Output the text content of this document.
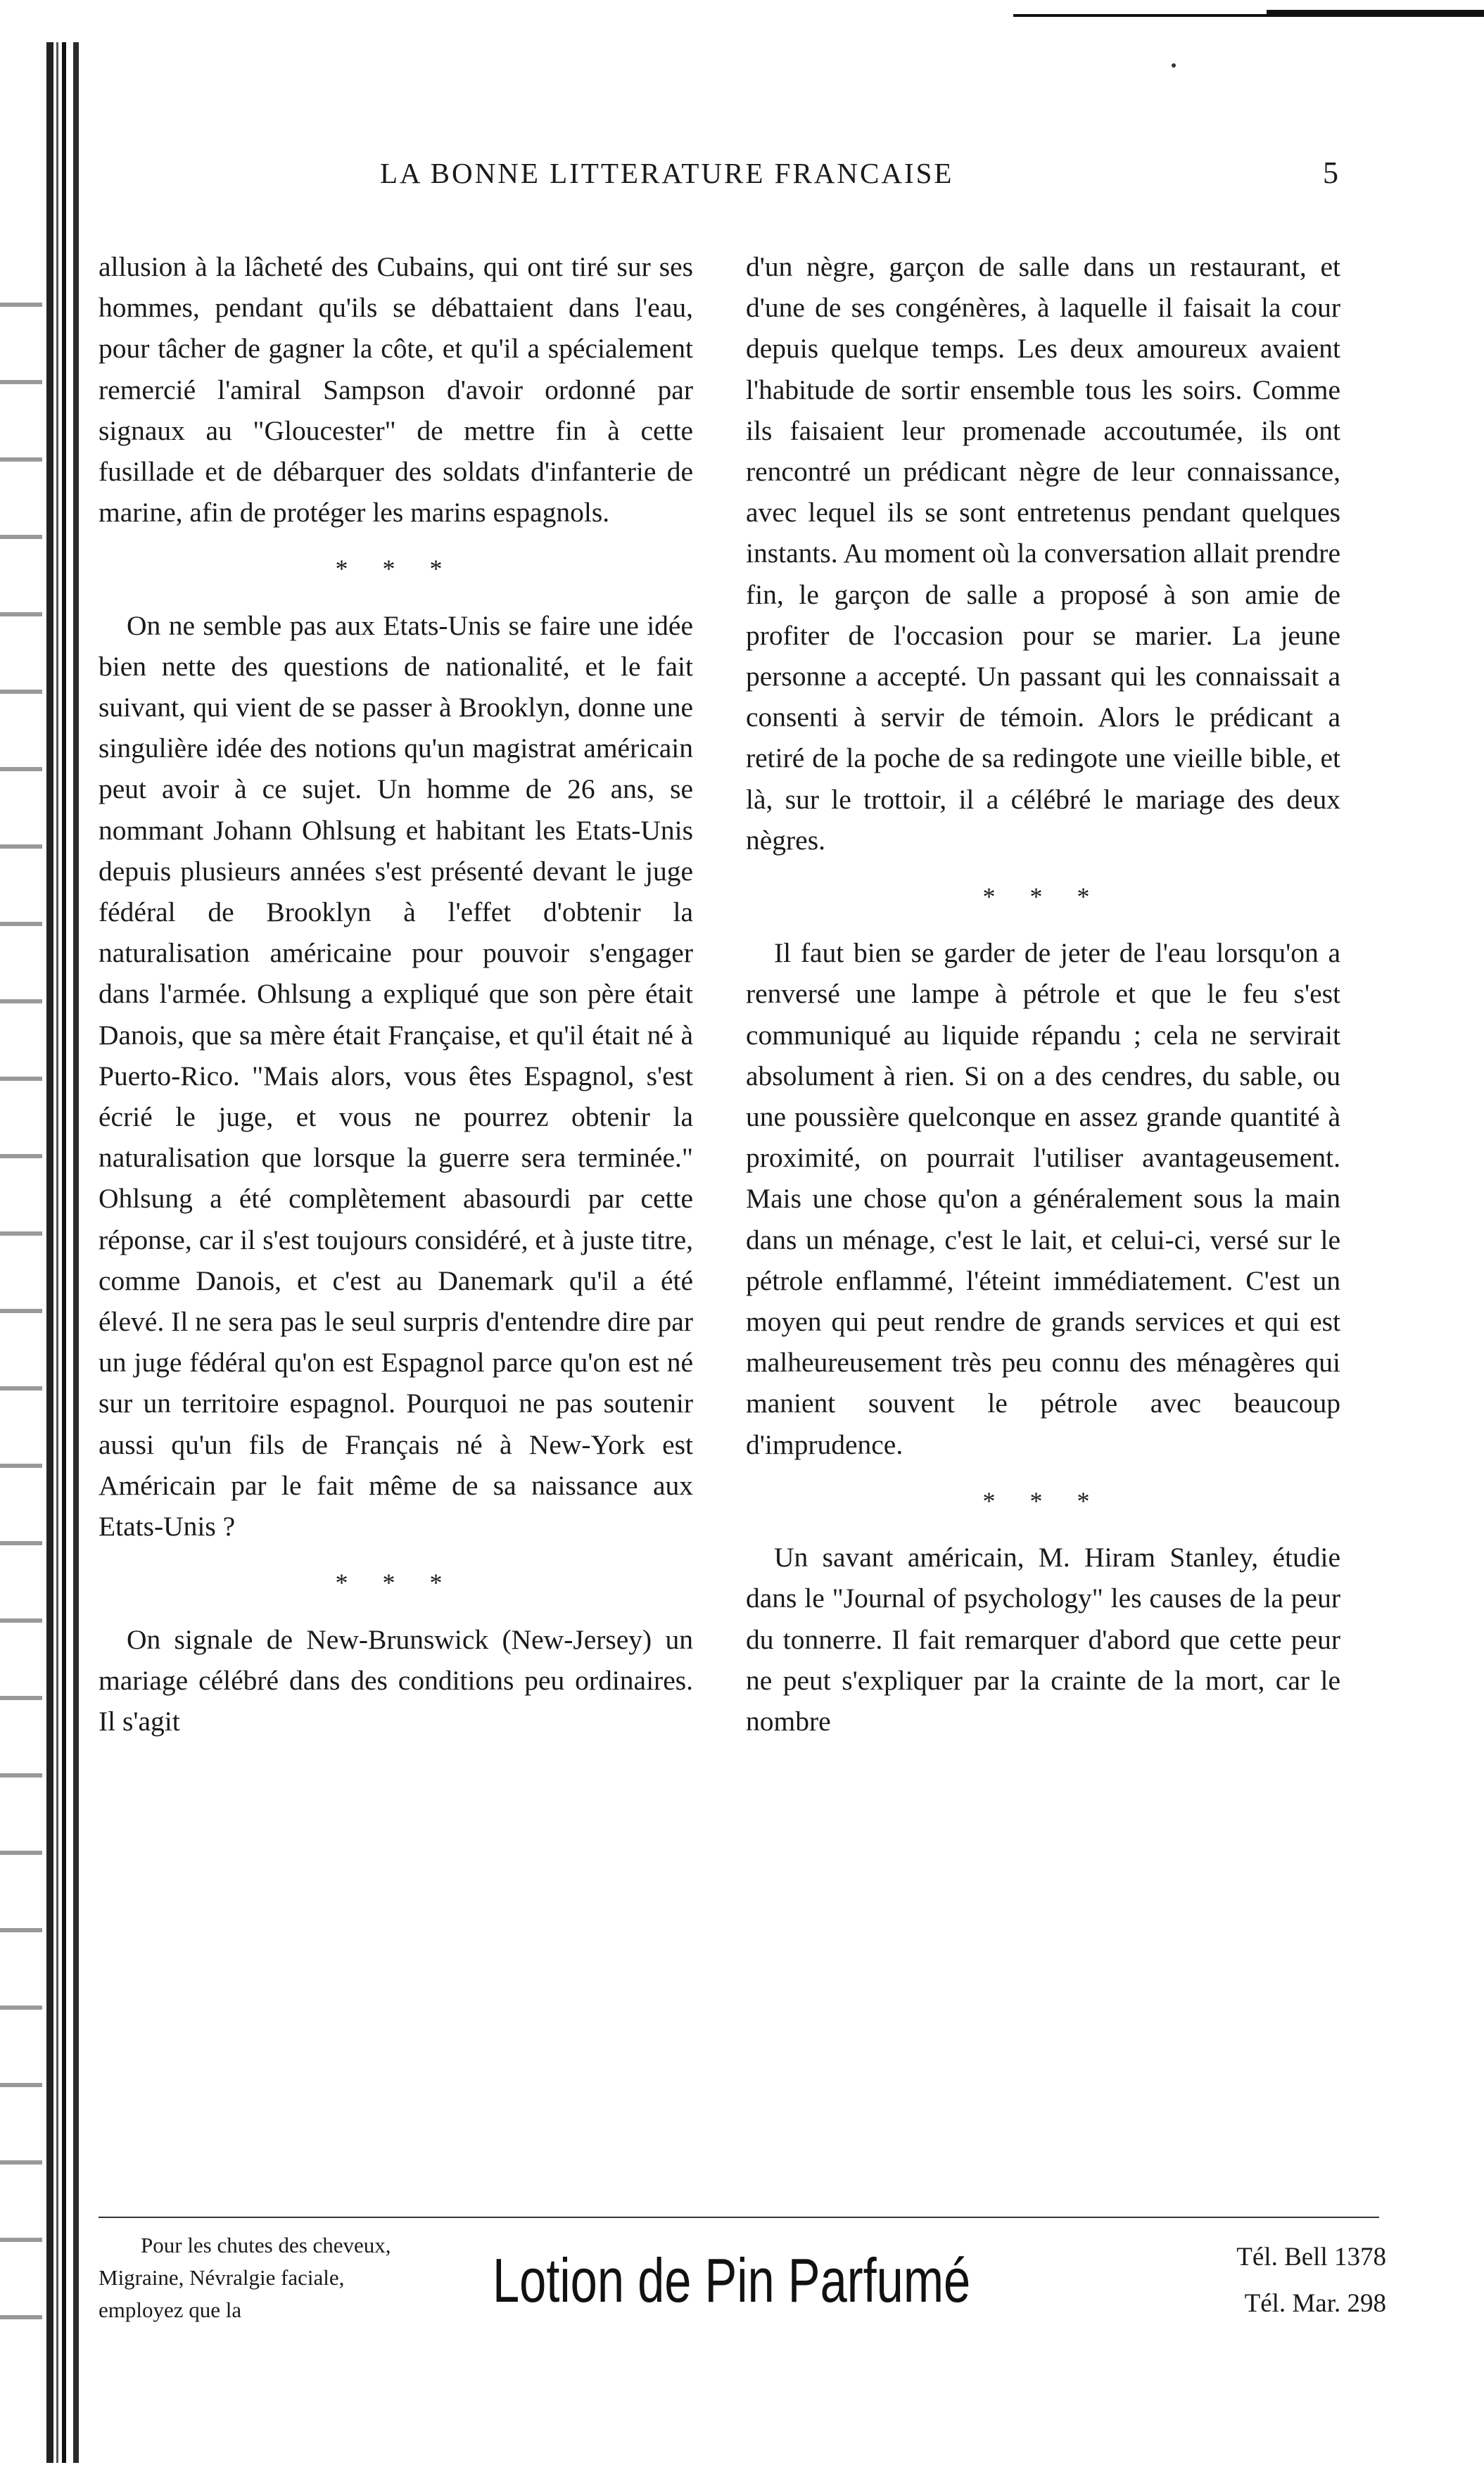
LA BONNE LITTERATURE FRANCAISE	5

allusion à la lâcheté des Cubains, qui ont tiré sur ses hommes, pendant qu'ils se débattaient dans l'eau, pour tâcher de gagner la côte, et qu'il a spécialement remercié l'amiral Sampson d'avoir ordonné par signaux au "Gloucester" de mettre fin à cette fusillade et de débarquer des soldats d'infanterie de marine, afin de protéger les marins espagnols.

* * *

On ne semble pas aux Etats-Unis se faire une idée bien nette des questions de nationalité, et le fait suivant, qui vient de se passer à Brooklyn, donne une singulière idée des notions qu'un magistrat américain peut avoir à ce sujet. Un homme de 26 ans, se nommant Johann Ohlsung et habitant les Etats-Unis depuis plusieurs années s'est présenté devant le juge fédéral de Brooklyn à l'effet d'obtenir la naturalisation américaine pour pouvoir s'engager dans l'armée. Ohlsung a expliqué que son père était Danois, que sa mère était Française, et qu'il était né à Puerto-Rico. "Mais alors, vous êtes Espagnol, s'est écrié le juge, et vous ne pourrez obtenir la naturalisation que lorsque la guerre sera terminée." Ohlsung a été complètement abasourdi par cette réponse, car il s'est toujours considéré, et à juste titre, comme Danois, et c'est au Danemark qu'il a été élevé. Il ne sera pas le seul surpris d'entendre dire par un juge fédéral qu'on est Espagnol parce qu'on est né sur un territoire espagnol. Pourquoi ne pas soutenir aussi qu'un fils de Français né à New-York est Américain par le fait même de sa naissance aux Etats-Unis ?

* * *

On signale de New-Brunswick (New-Jersey) un mariage célébré dans des conditions peu ordinaires. Il s'agit

d'un nègre, garçon de salle dans un restaurant, et d'une de ses congénères, à laquelle il faisait la cour depuis quelque temps. Les deux amoureux avaient l'habitude de sortir ensemble tous les soirs. Comme ils faisaient leur promenade accoutumée, ils ont rencontré un prédicant nègre de leur connaissance, avec lequel ils se sont entretenus pendant quelques instants. Au moment où la conversation allait prendre fin, le garçon de salle a proposé à son amie de profiter de l'occasion pour se marier. La jeune personne a accepté. Un passant qui les connaissait a consenti à servir de témoin. Alors le prédicant a retiré de la poche de sa redingote une vieille bible, et là, sur le trottoir, il a célébré le mariage des deux nègres.

* * *

Il faut bien se garder de jeter de l'eau lorsqu'on a renversé une lampe à pétrole et que le feu s'est communiqué au liquide répandu ; cela ne servirait absolument à rien. Si on a des cendres, du sable, ou une poussière quelconque en assez grande quantité à proximité, on pourrait l'utiliser avantageusement. Mais une chose qu'on a généralement sous la main dans un ménage, c'est le lait, et celui-ci, versé sur le pétrole enflammé, l'éteint immédiatement. C'est un moyen qui peut rendre de grands services et qui est malheureusement très peu connu des ménagères qui manient souvent le pétrole avec beaucoup d'imprudence.

* * *

Un savant américain, M. Hiram Stanley, étudie dans le "Journal of psychology" les causes de la peur du tonnerre. Il fait remarquer d'abord que cette peur ne peut s'expliquer par la crainte de la mort, car le nombre

Pour les chutes des cheveux,
Migraine, Névralgie faciale,
employez que la	Lotion de Pin Parfumé	Tél. Bell 1378
Tél. Mar. 298
